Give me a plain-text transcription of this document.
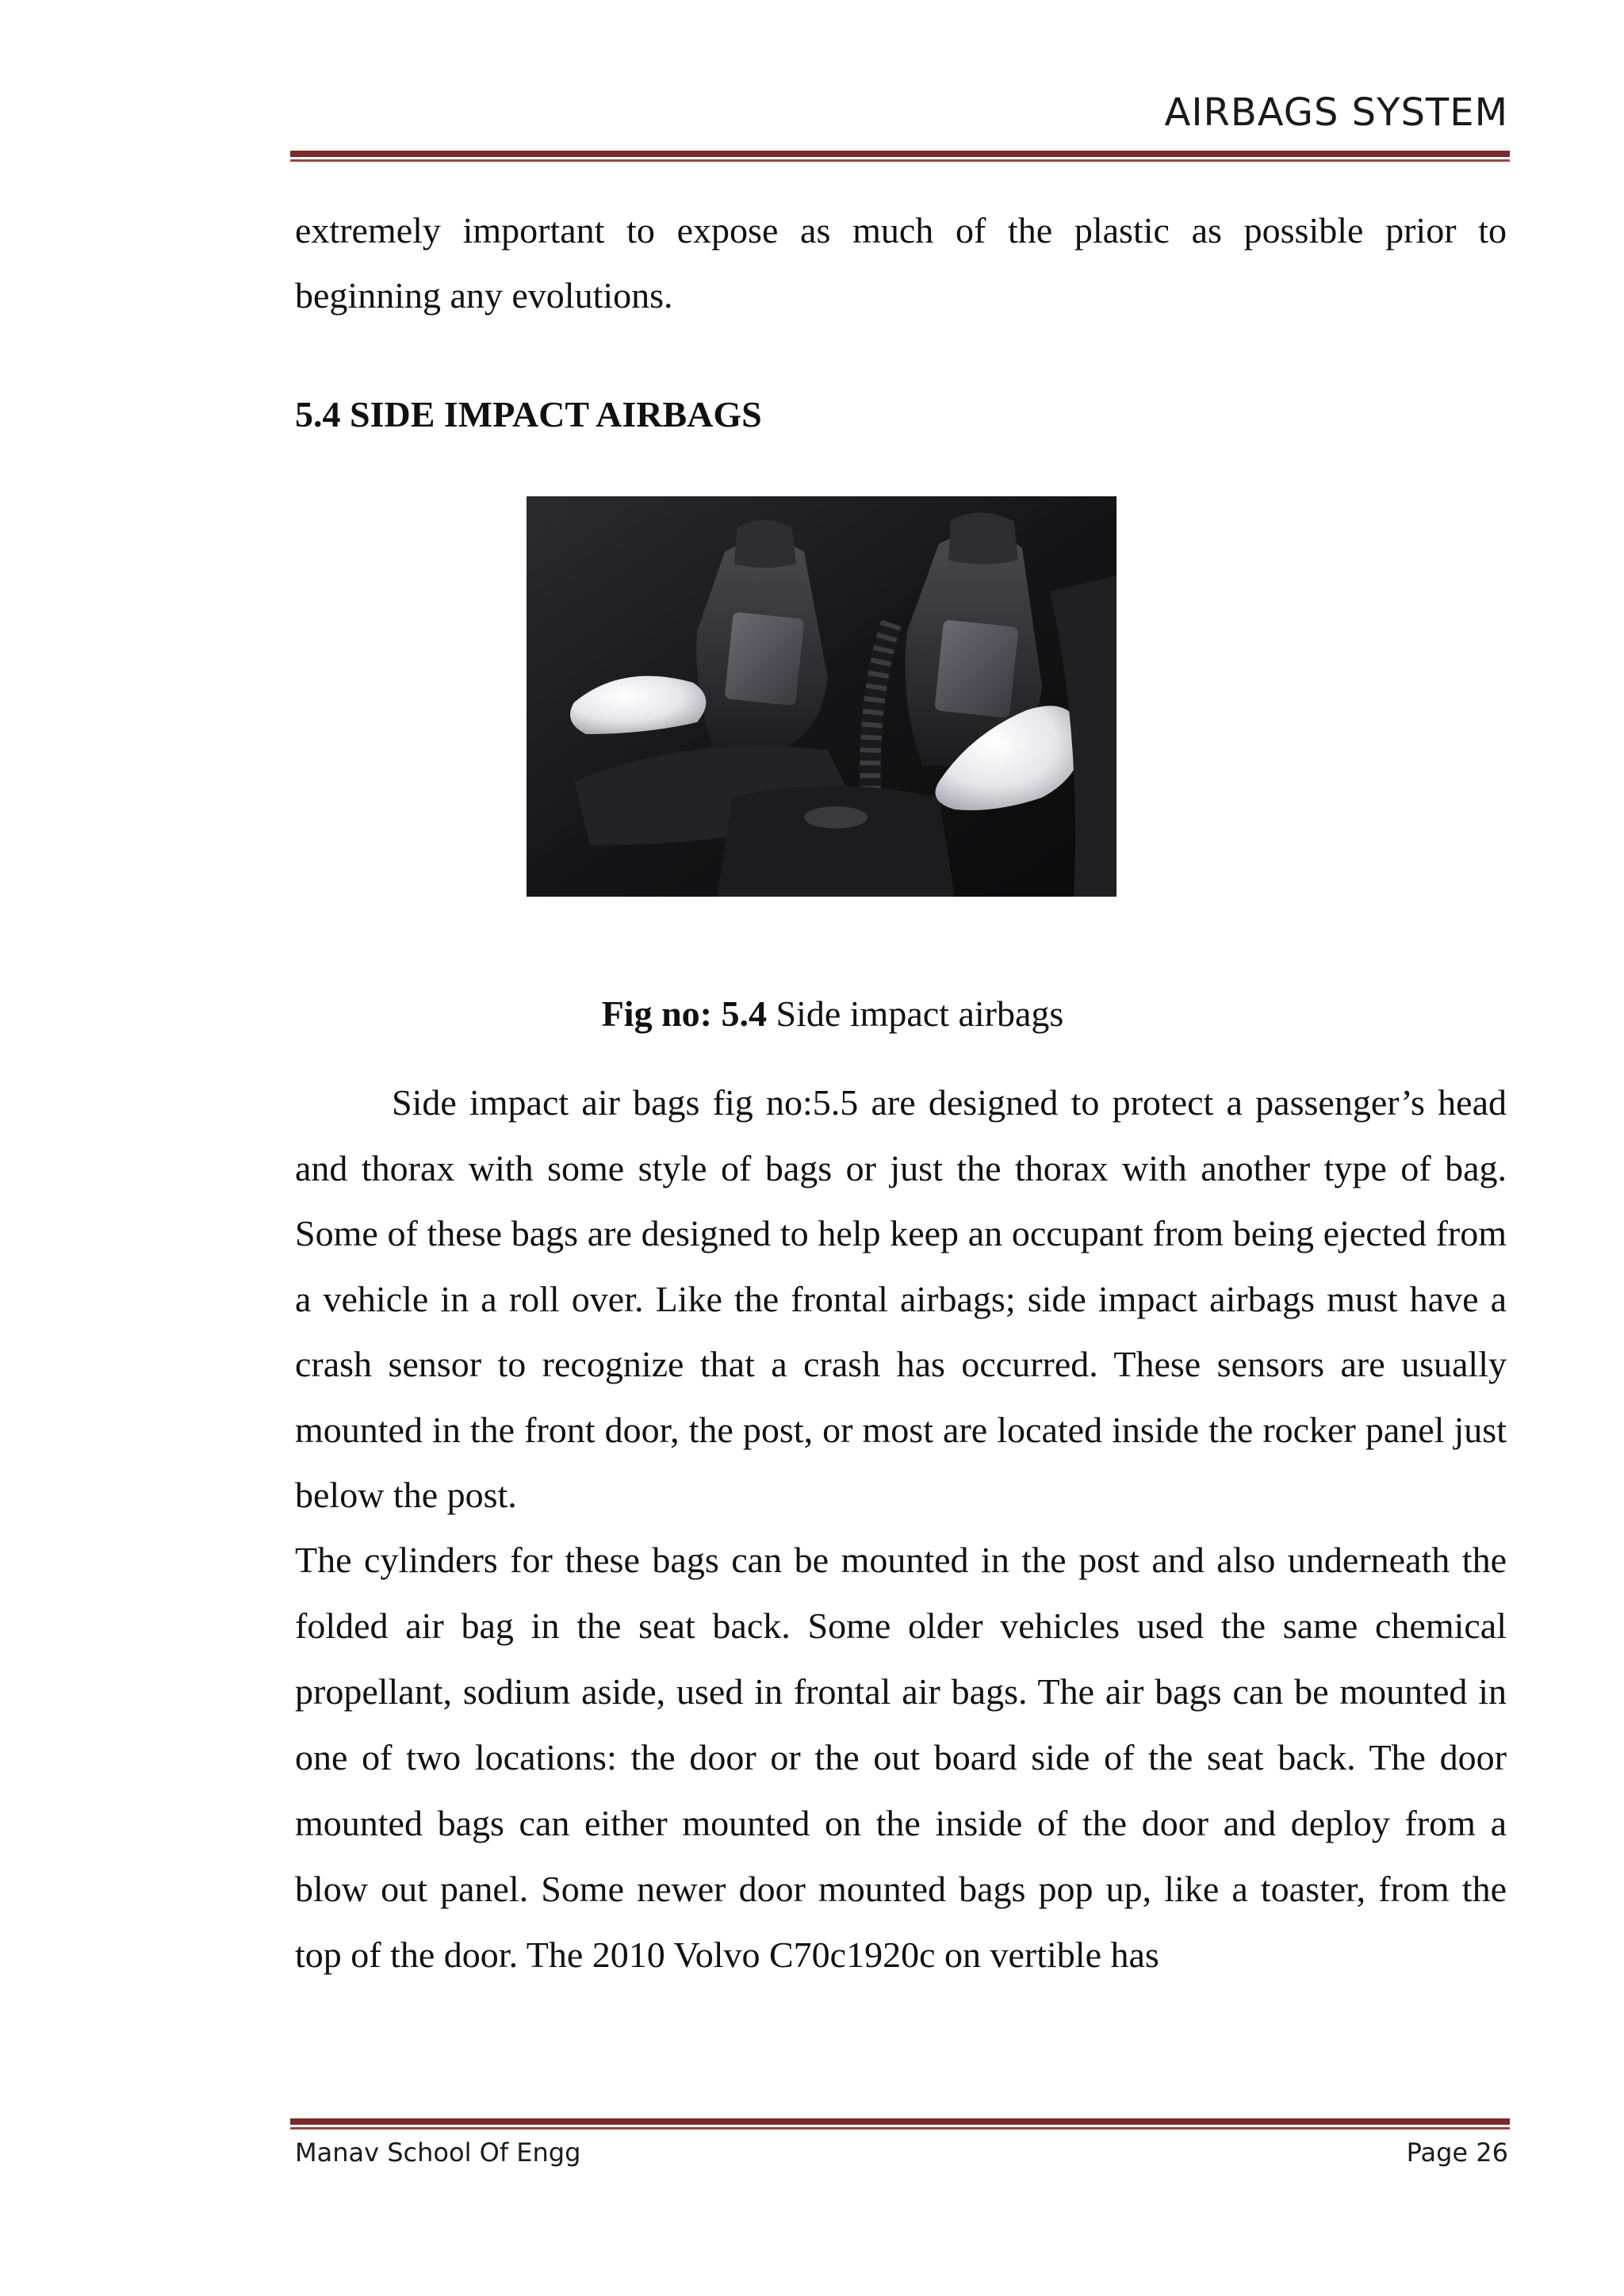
AIRBAGS SYSTEM

extremely important to expose as much of the plastic as possible prior to beginning any evolutions.

5.4 SIDE IMPACT AIRBAGS
Fig no: 5.4 Side impact airbags

Side impact air bags fig no:5.5 are designed to protect a passenger’s head and thorax with some style of bags or just the thorax with another type of bag. Some of these bags are designed to help keep an occupant from being ejected from a vehicle in a roll over. Like the frontal airbags; side impact airbags must have a crash sensor to recognize that a crash has occurred. These sensors are usually mounted in the front door, the post, or most are located inside the rocker panel just below the post.

The cylinders for these bags can be mounted in the post and also underneath the folded air bag in the seat back. Some older vehicles used the same chemical propellant, sodium aside, used in frontal air bags. The air bags can be mounted in one of two locations: the door or the out board side of the seat back. The door mounted bags can either mounted on the inside of the door and deploy from a blow out panel. Some newer door mounted bags pop up, like a toaster, from the top of the door. The 2010 Volvo C70c1920c on vertible has

Manav School Of Engg	Page 26
